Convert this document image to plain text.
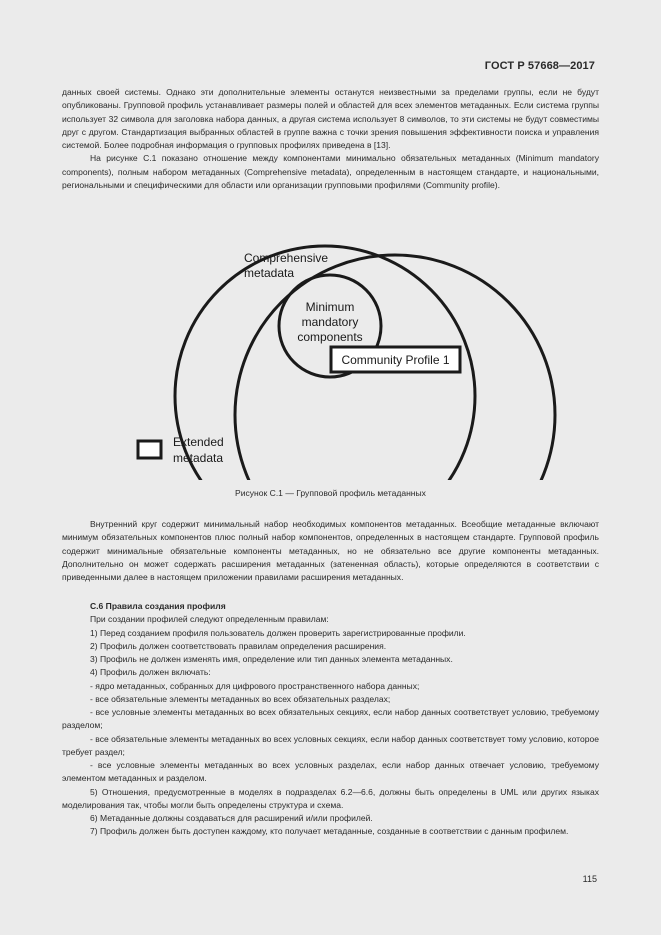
ГОСТ Р 57668—2017

данных своей системы. Однако эти дополнительные элементы останутся неизвестными за пределами группы, если не будут опубликованы. Групповой профиль устанавливает размеры полей и областей для всех элементов метаданных. Если система группы использует 32 символа для заголовка набора данных, а другая система использует 8 символов, то эти системы не будут совместимы друг с другом. Стандартизация выбранных областей в группе важна с точки зрения повышения эффективности поиска и управления системой. Более подробная информация о групповых профилях приведена в [13].

На рисунке С.1 показано отношение между компонентами минимально обязательных метаданных (Minimum mandatory components), полным набором метаданных (Comprehensive metadata), определенным в настоящем стандарте, и национальными, региональными и специфическими для области или организации групповыми профилями (Community profile).

Comprehensive
metadata
Minimum
mandatory
components
Community Profile 1
Extended
metadata
Рисунок С.1 — Групповой профиль метаданных

Внутренний круг содержит минимальный набор необходимых компонентов метаданных. Всеобщие метаданные включают минимум обязательных компонентов плюс полный набор компонентов, определенных в настоящем стандарте. Групповой профиль содержит минимальные обязательные компоненты метаданных, но не обязательно все другие компоненты метаданных. Дополнительно он может содержать расширения метаданных (затененная область), которые определяются в соответствии с приведенными далее в настоящем приложении правилами расширения метаданных.

С.6 Правила создания профиля

При создании профилей следуют определенным правилам:

1) Перед созданием профиля пользователь должен проверить зарегистрированные профили.

2) Профиль должен соответствовать правилам определения расширения.

3) Профиль не должен изменять имя, определение или тип данных элемента метаданных.

4) Профиль должен включать:

- ядро метаданных, собранных для цифрового пространственного набора данных;

- все обязательные элементы метаданных во всех обязательных разделах;

- все условные элементы метаданных во всех обязательных секциях, если набор данных соответствует условию, требуемому разделом;

- все обязательные элементы метаданных во всех условных секциях, если набор данных соответствует тому условию, которое требует раздел;

- все условные элементы метаданных во всех условных разделах, если набор данных отвечает условию, требуемому элементом метаданных и разделом.

5) Отношения, предусмотренные в моделях в подразделах 6.2—6.6, должны быть определены в UML или других языках моделирования так, чтобы могли быть определены структура и схема.

6) Метаданные должны создаваться для расширений и/или профилей.

7) Профиль должен быть доступен каждому, кто получает метаданные, созданные в соответствии с данным профилем.

115
